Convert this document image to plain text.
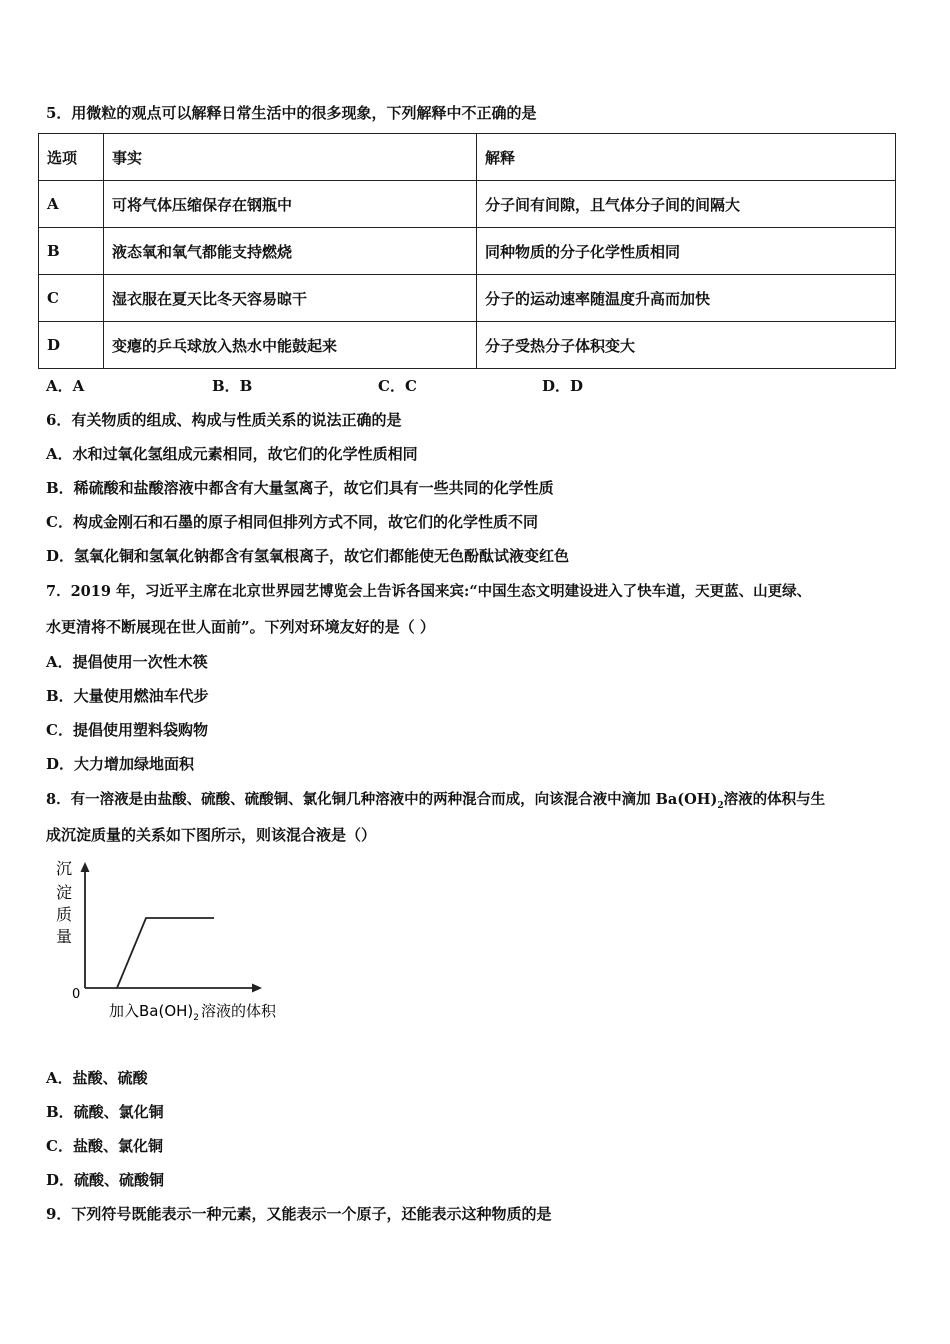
5．用微粒的观点可以解释日常生活中的很多现象，下列解释中不正确的是
选项	事实	解释
A	可将气体压缩保存在钢瓶中	分子间有间隙，且气体分子间的间隔大
B	液态氧和氧气都能支持燃烧	同种物质的分子化学性质相同
C	湿衣服在夏天比冬天容易晾干	分子的运动速率随温度升高而加快
D	变瘪的乒乓球放入热水中能鼓起来	分子受热分子体积变大
A．A	B．B	C．C	D．D
6．有关物质的组成、构成与性质关系的说法正确的是
A．水和过氧化氢组成元素相同，故它们的化学性质相同
B．稀硫酸和盐酸溶液中都含有大量氢离子，故它们具有一些共同的化学性质
C．构成金刚石和石墨的原子相同但排列方式不同，故它们的化学性质不同
D．氢氧化铜和氢氧化钠都含有氢氧根离子，故它们都能使无色酚酞试液变红色
7．2019 年，习近平主席在北京世界园艺博览会上告诉各国来宾:“中国生态文明建设进入了快车道，天更蓝、山更绿、
水更清将不断展现在世人面前”。下列对环境友好的是（ ）
A．提倡使用一次性木筷
B．大量使用燃油车代步
C．提倡使用塑料袋购物
D．大力增加绿地面积
8．有一溶液是由盐酸、硫酸、硫酸铜、氯化铜几种溶液中的两种混合而成，向该混合液中滴加 $Ba(OH)_2$溶液的体积与生
成沉淀质量的关系如下图所示，则该混合液是（）
沉
淀
质
量
0
加入$Ba(OH)_2$ 溶液的体积
A．盐酸、硫酸
B．硫酸、氯化铜
C．盐酸、氯化铜
D．硫酸、硫酸铜
9．下列符号既能表示一种元素，又能表示一个原子，还能表示这种物质的是
